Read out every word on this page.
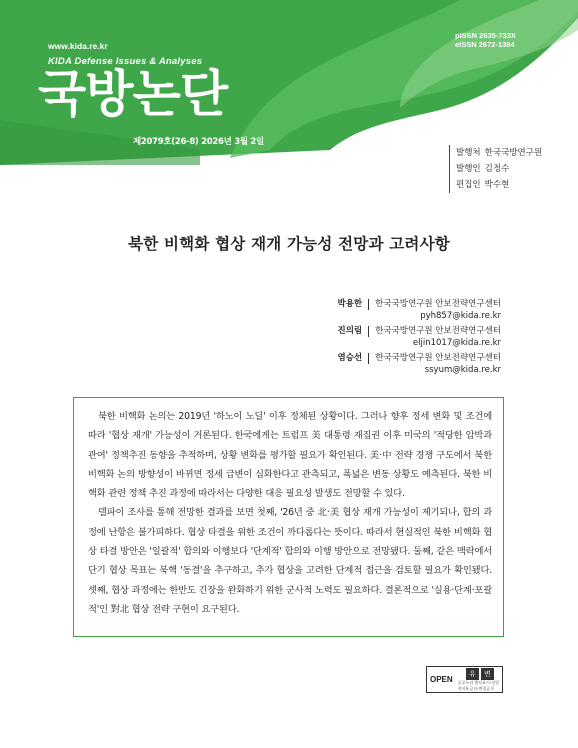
www.kida.re.kr
KIDA Defense Issues & Analyses
국방논단
제2079호(26-8) 2026년 3월 2일
pISSN 2635-733X
eISSN 2672-1384
발행처 한국국방연구원
발행인 김정수
편집인 박수현
북한 비핵화 협상 재개 가능성 전망과 고려사항
박용한	한국국방연구원 안보전략연구센터
pyh857@kida.re.kr
진의림	한국국방연구원 안보전략연구센터
eljin1017@kida.re.kr
염승선	한국국방연구원 안보전략연구센터
ssyum@kida.re.kr

북한 비핵화 논의는 2019년 '하노이 노딜' 이후 정체된 상황이다. 그러나 향후 정세 변화 및 조건에 따라 '협상 재개' 가능성이 거론된다. 한국에게는 트럼프 美 대통령 재집권 이후 미국의 '적당한 압박과 관여' 정책추진 동향을 추적하며, 상황 변화를 평가할 필요가 확인된다. 美·中 전략 경쟁 구도에서 북한 비핵화 논의 방향성이 바뀌면 정세 급변이 심화한다고 관측되고, 폭넓은 변동 상황도 예측된다. 북한 비핵화 관련 정책 추진 과정에 따라서는 다양한 대응 필요성 발생도 전망할 수 있다.

델파이 조사를 통해 전망한 결과를 보면 첫째, '26년 중 北·美 협상 재개 가능성이 제기되나, 합의 과정에 난항은 불가피하다. 협상 타결을 위한 조건이 까다롭다는 뜻이다. 따라서 현실적인 북한 비핵화 협상 타결 방안은 '일괄적' 합의와 이행보다 '단계적' 합의와 이행 방안으로 전망됐다. 둘째, 같은 맥락에서 단기 협상 목표는 북핵 '동결'을 추구하고, 추가 협상을 고려한 단계적 접근을 검토할 필요가 확인됐다. 셋째, 협상 과정에는 한반도 긴장을 완화하기 위한 군사적 노력도 필요하다. 결론적으로 '실용·단계·포괄적'인 對北 협상 전략 구현이 요구된다.

OPEN
유	변
공공누리 출처표시-상업적이용금지-변경금지
